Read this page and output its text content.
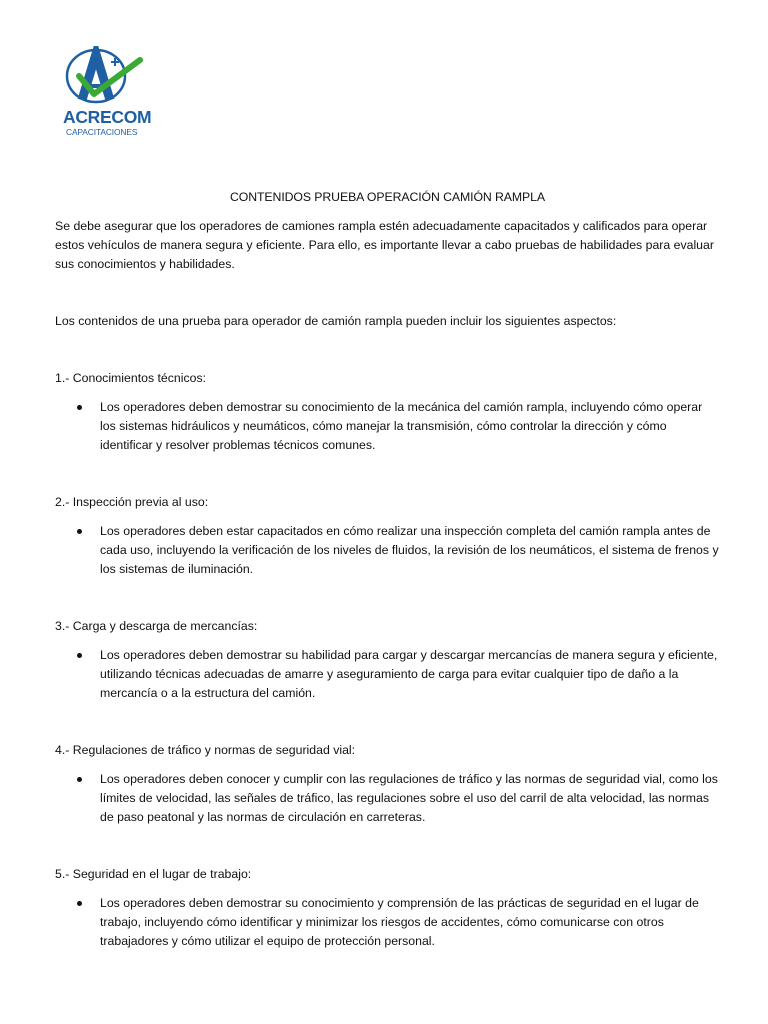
ACRECOM
CAPACITACIONES
CONTENIDOS PRUEBA OPERACIÓN CAMIÓN RAMPLA

Se debe asegurar que los operadores de camiones rampla estén adecuadamente capacitados y calificados para operar estos vehículos de manera segura y eficiente. Para ello, es importante llevar a cabo pruebas de habilidades para evaluar sus conocimientos y habilidades.

Los contenidos de una prueba para operador de camión rampla pueden incluir los siguientes aspectos:

1.- Conocimientos técnicos:

Los operadores deben demostrar su conocimiento de la mecánica del camión rampla, incluyendo cómo operar los sistemas hidráulicos y neumáticos, cómo manejar la transmisión, cómo controlar la dirección y cómo identificar y resolver problemas técnicos comunes.

2.- Inspección previa al uso:

Los operadores deben estar capacitados en cómo realizar una inspección completa del camión rampla antes de cada uso, incluyendo la verificación de los niveles de fluidos, la revisión de los neumáticos, el sistema de frenos y los sistemas de iluminación.

3.- Carga y descarga de mercancías:

Los operadores deben demostrar su habilidad para cargar y descargar mercancías de manera segura y eficiente, utilizando técnicas adecuadas de amarre y aseguramiento de carga para evitar cualquier tipo de daño a la mercancía o a la estructura del camión.

4.- Regulaciones de tráfico y normas de seguridad vial:

Los operadores deben conocer y cumplir con las regulaciones de tráfico y las normas de seguridad vial, como los límites de velocidad, las señales de tráfico, las regulaciones sobre el uso del carril de alta velocidad, las normas de paso peatonal y las normas de circulación en carreteras.

5.- Seguridad en el lugar de trabajo:

Los operadores deben demostrar su conocimiento y comprensión de las prácticas de seguridad en el lugar de trabajo, incluyendo cómo identificar y minimizar los riesgos de accidentes, cómo comunicarse con otros trabajadores y cómo utilizar el equipo de protección personal.
